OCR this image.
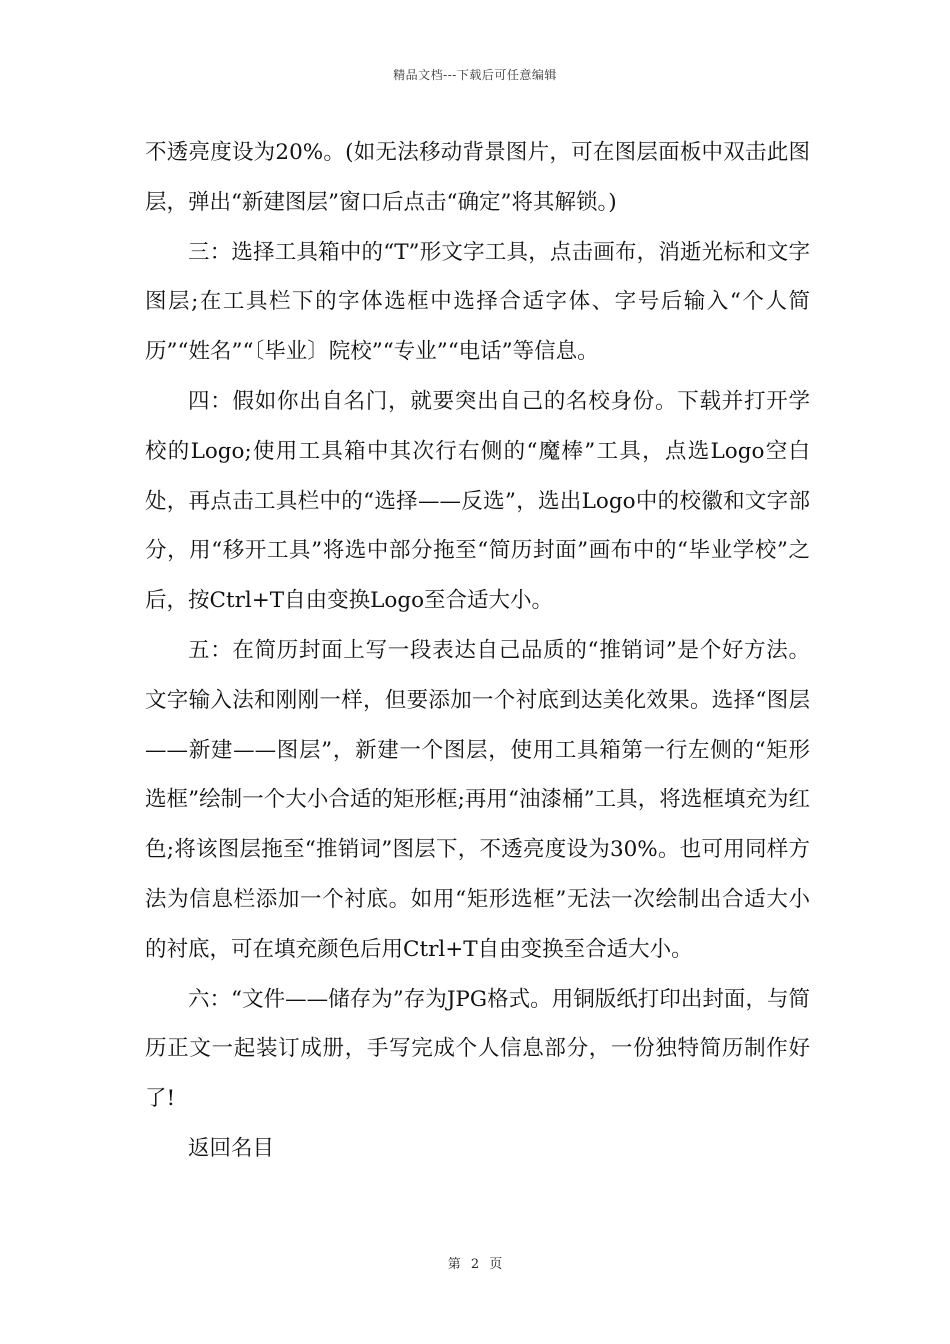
精品文档---下载后可任意编辑

不透亮度设为20%。(如无法移动背景图片，可在图层面板中双击此图层，弹出“新建图层”窗口后点击“确定”将其解锁。)

三：选择工具箱中的“T”形文字工具，点击画布，消逝光标和文字图层;在工具栏下的字体选框中选择合适字体、字号后输入“个人简历”“姓名”“〔毕业〕院校”“专业”“电话”等信息。

四：假如你出自名门，就要突出自己的名校身份。下载并打开学校的Logo;使用工具箱中其次行右侧的“魔棒”工具，点选Logo空白处，再点击工具栏中的“选择——反选”，选出Logo中的校徽和文字部分，用“移开工具”将选中部分拖至“简历封面”画布中的“毕业学校”之后，按Ctrl+T自由变换Logo至合适大小。

五：在简历封面上写一段表达自己品质的“推销词”是个好方法。文字输入法和刚刚一样，但要添加一个衬底到达美化效果。选择“图层——新建——图层”，新建一个图层，使用工具箱第一行左侧的“矩形选框”绘制一个大小合适的矩形框;再用“油漆桶”工具，将选框填充为红色;将该图层拖至“推销词”图层下，不透亮度设为30%。也可用同样方法为信息栏添加一个衬底。如用“矩形选框”无法一次绘制出合适大小的衬底，可在填充颜色后用Ctrl+T自由变换至合适大小。

六：“文件——储存为”存为JPG格式。用铜版纸打印出封面，与简历正文一起装订成册，手写完成个人信息部分，一份独特简历制作好了!

返回名目

第 2 页
